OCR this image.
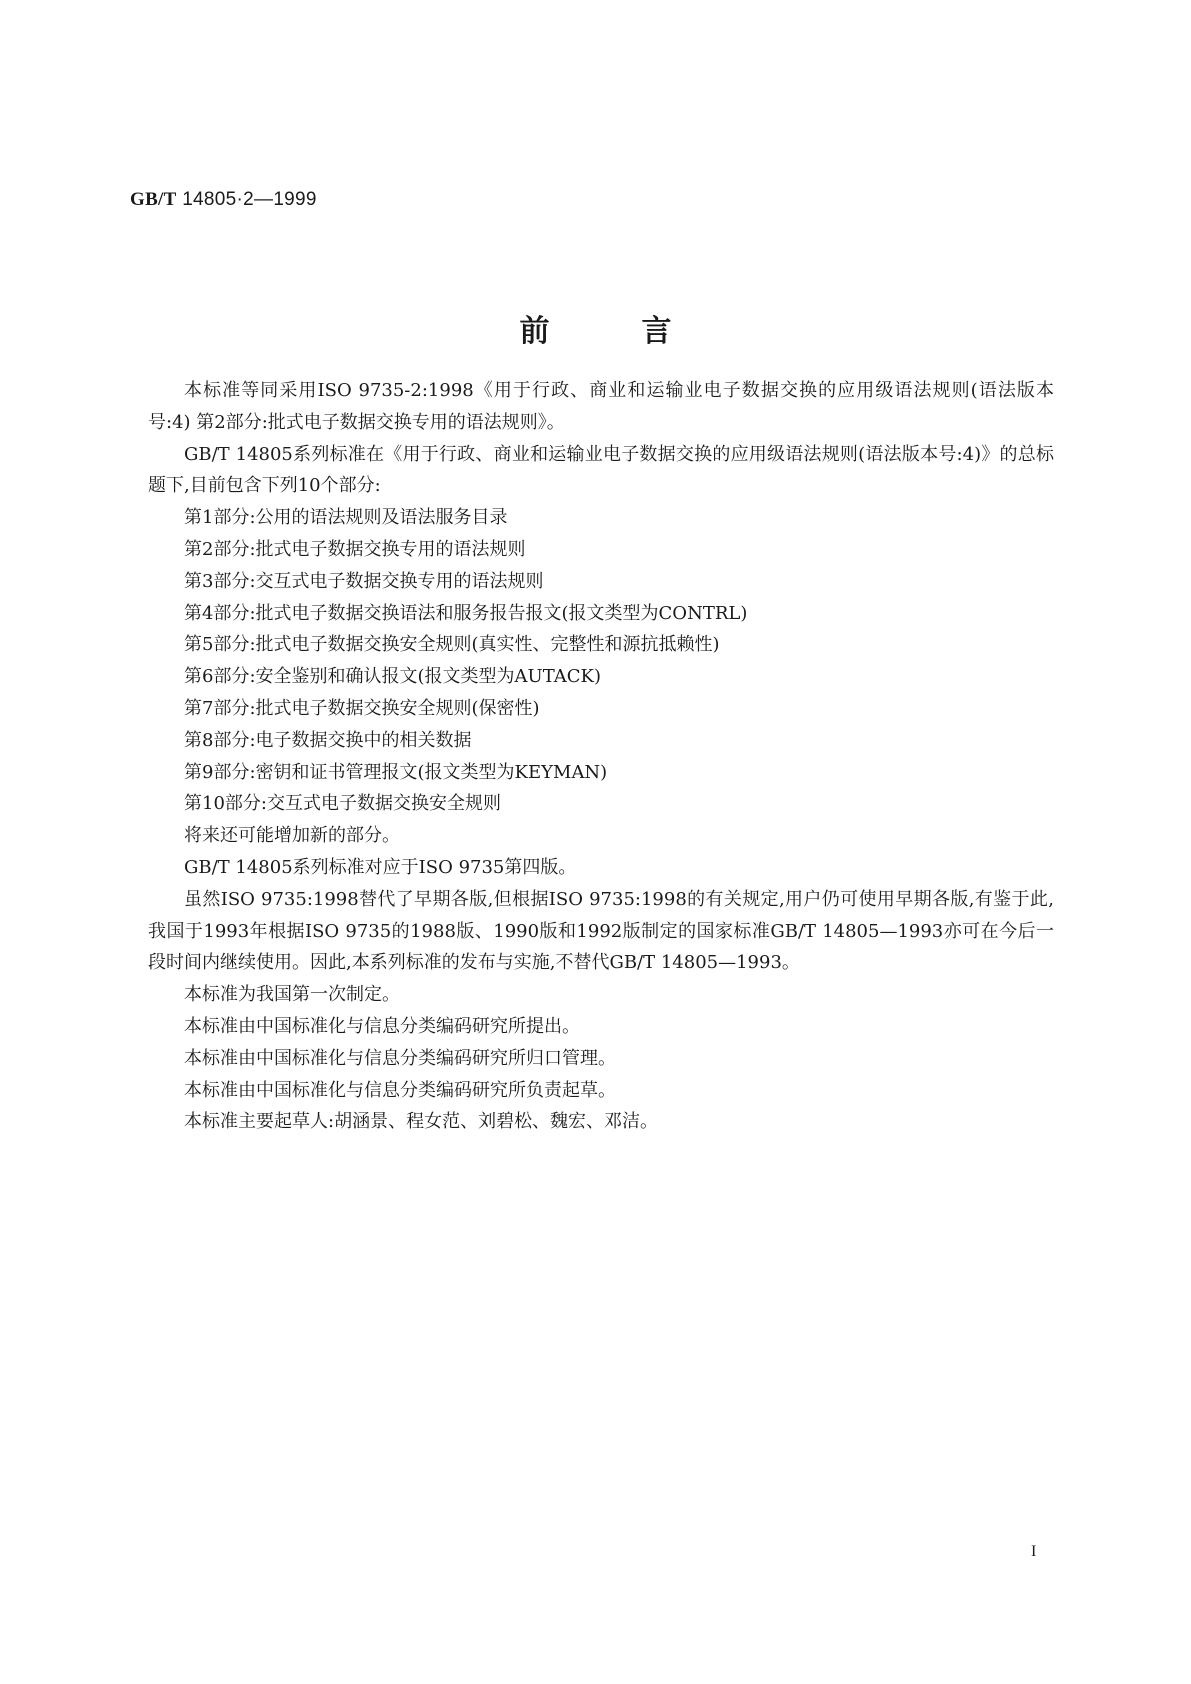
GB/T 14805·2—1999
前言

本标准等同采用ISO 9735-2:1998《用于行政、商业和运输业电子数据交换的应用级语法规则(语法版本号:4) 第2部分:批式电子数据交换专用的语法规则》。

GB/T 14805系列标准在《用于行政、商业和运输业电子数据交换的应用级语法规则(语法版本号:4)》的总标题下,目前包含下列10个部分:

第1部分:公用的语法规则及语法服务目录

第2部分:批式电子数据交换专用的语法规则

第3部分:交互式电子数据交换专用的语法规则

第4部分:批式电子数据交换语法和服务报告报文(报文类型为CONTRL)

第5部分:批式电子数据交换安全规则(真实性、完整性和源抗抵赖性)

第6部分:安全鉴别和确认报文(报文类型为AUTACK)

第7部分:批式电子数据交换安全规则(保密性)

第8部分:电子数据交换中的相关数据

第9部分:密钥和证书管理报文(报文类型为KEYMAN)

第10部分:交互式电子数据交换安全规则

将来还可能增加新的部分。

GB/T 14805系列标准对应于ISO 9735第四版。

虽然ISO 9735:1998替代了早期各版,但根据ISO 9735:1998的有关规定,用户仍可使用早期各版,有鉴于此,我国于1993年根据ISO 9735的1988版、1990版和1992版制定的国家标准GB/T 14805—1993亦可在今后一段时间内继续使用。因此,本系列标准的发布与实施,不替代GB/T 14805—1993。

本标准为我国第一次制定。

本标准由中国标准化与信息分类编码研究所提出。

本标准由中国标准化与信息分类编码研究所归口管理。

本标准由中国标准化与信息分类编码研究所负责起草。

本标准主要起草人:胡涵景、程女范、刘碧松、魏宏、邓洁。

I
